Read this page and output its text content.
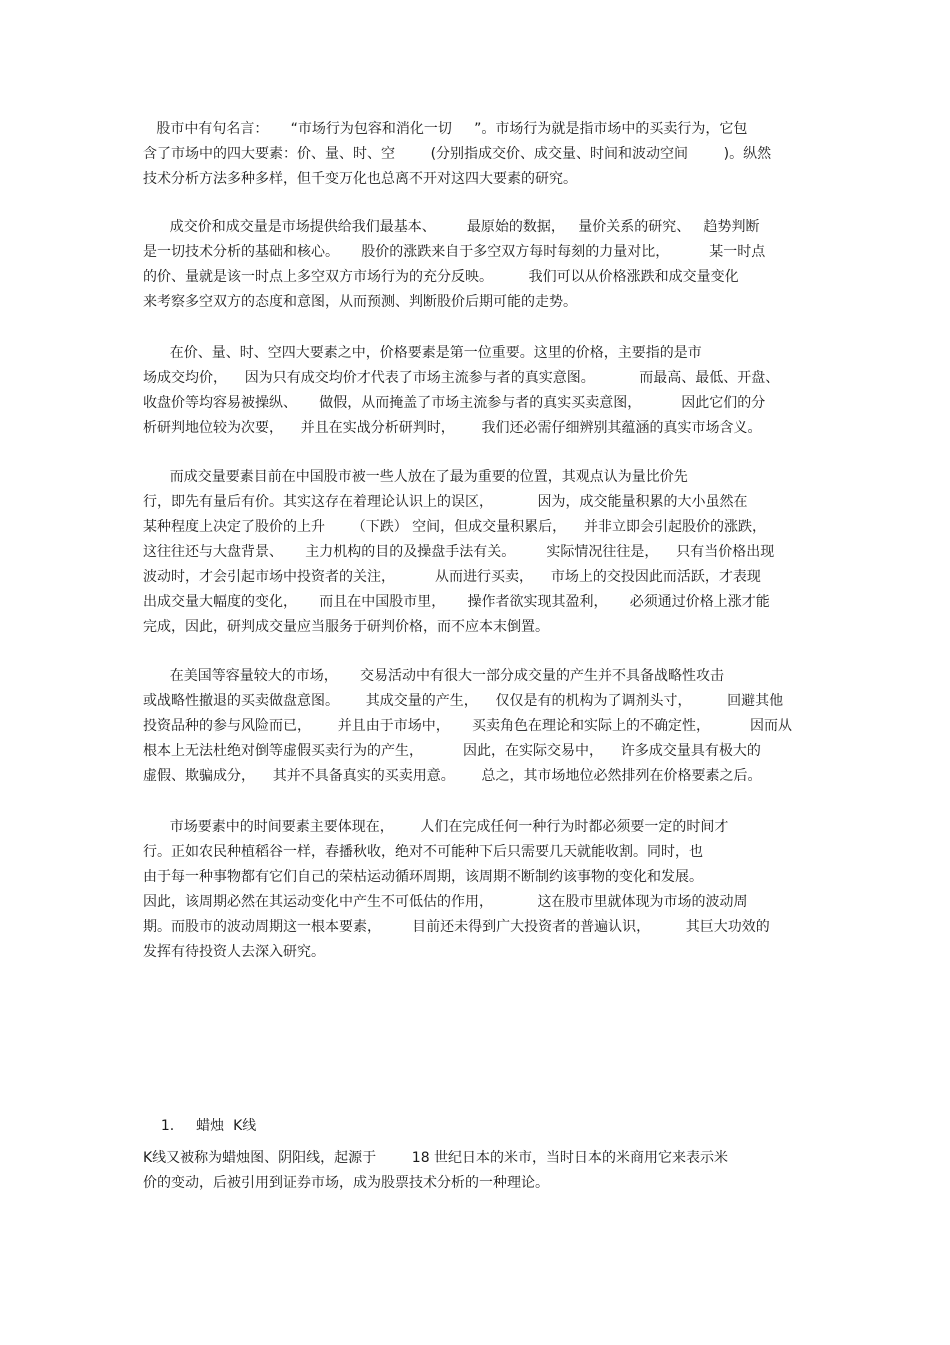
股市中有句名言：     “市场行为包容和消化一切     ”。市场行为就是指市场中的买卖行为，它包
含了市场中的四大要素：价、量、时、空        (分别指成交价、成交量、时间和波动空间        )。纵然
技术分析方法多种多样，但千变万化也总离不开对这四大要素的研究。
成交价和成交量是市场提供给我们最基本、       最原始的数据，   量价关系的研究、   趋势判断
是一切技术分析的基础和核心。     股价的涨跌来自于多空双方每时每刻的力量对比，         某一时点
的价、量就是该一时点上多空双方市场行为的充分反映。        我们可以从价格涨跌和成交量变化
来考察多空双方的态度和意图，从而预测、判断股价后期可能的走势。
在价、量、时、空四大要素之中，价格要素是第一位重要。这里的价格，主要指的是市
场成交均价，    因为只有成交均价才代表了市场主流参与者的真实意图。          而最高、最低、开盘、
收盘价等均容易被操纵、     做假，从而掩盖了市场主流参与者的真实买卖意图，         因此它们的分
析研判地位较为次要，    并且在实战分析研判时，      我们还必需仔细辨别其蕴涵的真实市场含义。
而成交量要素目前在中国股市被一些人放在了最为重要的位置，其观点认为量比价先
行，即先有量后有价。其实这存在着理论认识上的误区，          因为，成交能量积累的大小虽然在
某种程度上决定了股价的上升      （下跌） 空间，但成交量积累后，    并非立即会引起股价的涨跌，
这往往还与大盘背景、     主力机构的目的及操盘手法有关。       实际情况往往是，    只有当价格出现
波动时，才会引起市场中投资者的关注，         从而进行买卖，    市场上的交投因此而活跃，才表现
出成交量大幅度的变化，     而且在中国股市里，     操作者欲实现其盈利，     必须通过价格上涨才能
完成，因此，研判成交量应当服务于研判价格，而不应本末倒置。
在美国等容量较大的市场，     交易活动中有很大一部分成交量的产生并不具备战略性攻击
或战略性撤退的买卖做盘意图。      其成交量的产生，    仅仅是有的机构为了调剂头寸，        回避其他
投资品种的参与风险而已，      并且由于市场中，     买卖角色在理论和实际上的不确定性，         因而从
根本上无法杜绝对倒等虚假买卖行为的产生，         因此，在实际交易中，    许多成交量具有极大的
虚假、欺骗成分，    其并不具备真实的买卖用意。      总之，其市场地位必然排列在价格要素之后。
市场要素中的时间要素主要体现在，      人们在完成任何一种行为时都必须要一定的时间才
行。正如农民种植稻谷一样，春播秋收，绝对不可能种下后只需要几天就能收割。同时，也
由于每一种事物都有它们自己的荣枯运动循环周期，该周期不断制约该事物的变化和发展。
因此，该周期必然在其运动变化中产生不可低估的作用，          这在股市里就体现为市场的波动周
期。而股市的波动周期这一根本要素，       目前还未得到广大投资者的普遍认识，        其巨大功效的
发挥有待投资人去深入研究。

1. 蜡烛  K线

K线又被称为蜡烛图、阴阳线，起源于        18 世纪日本的米市，当时日本的米商用它来表示米
价的变动，后被引用到证券市场，成为股票技术分析的一种理论。
